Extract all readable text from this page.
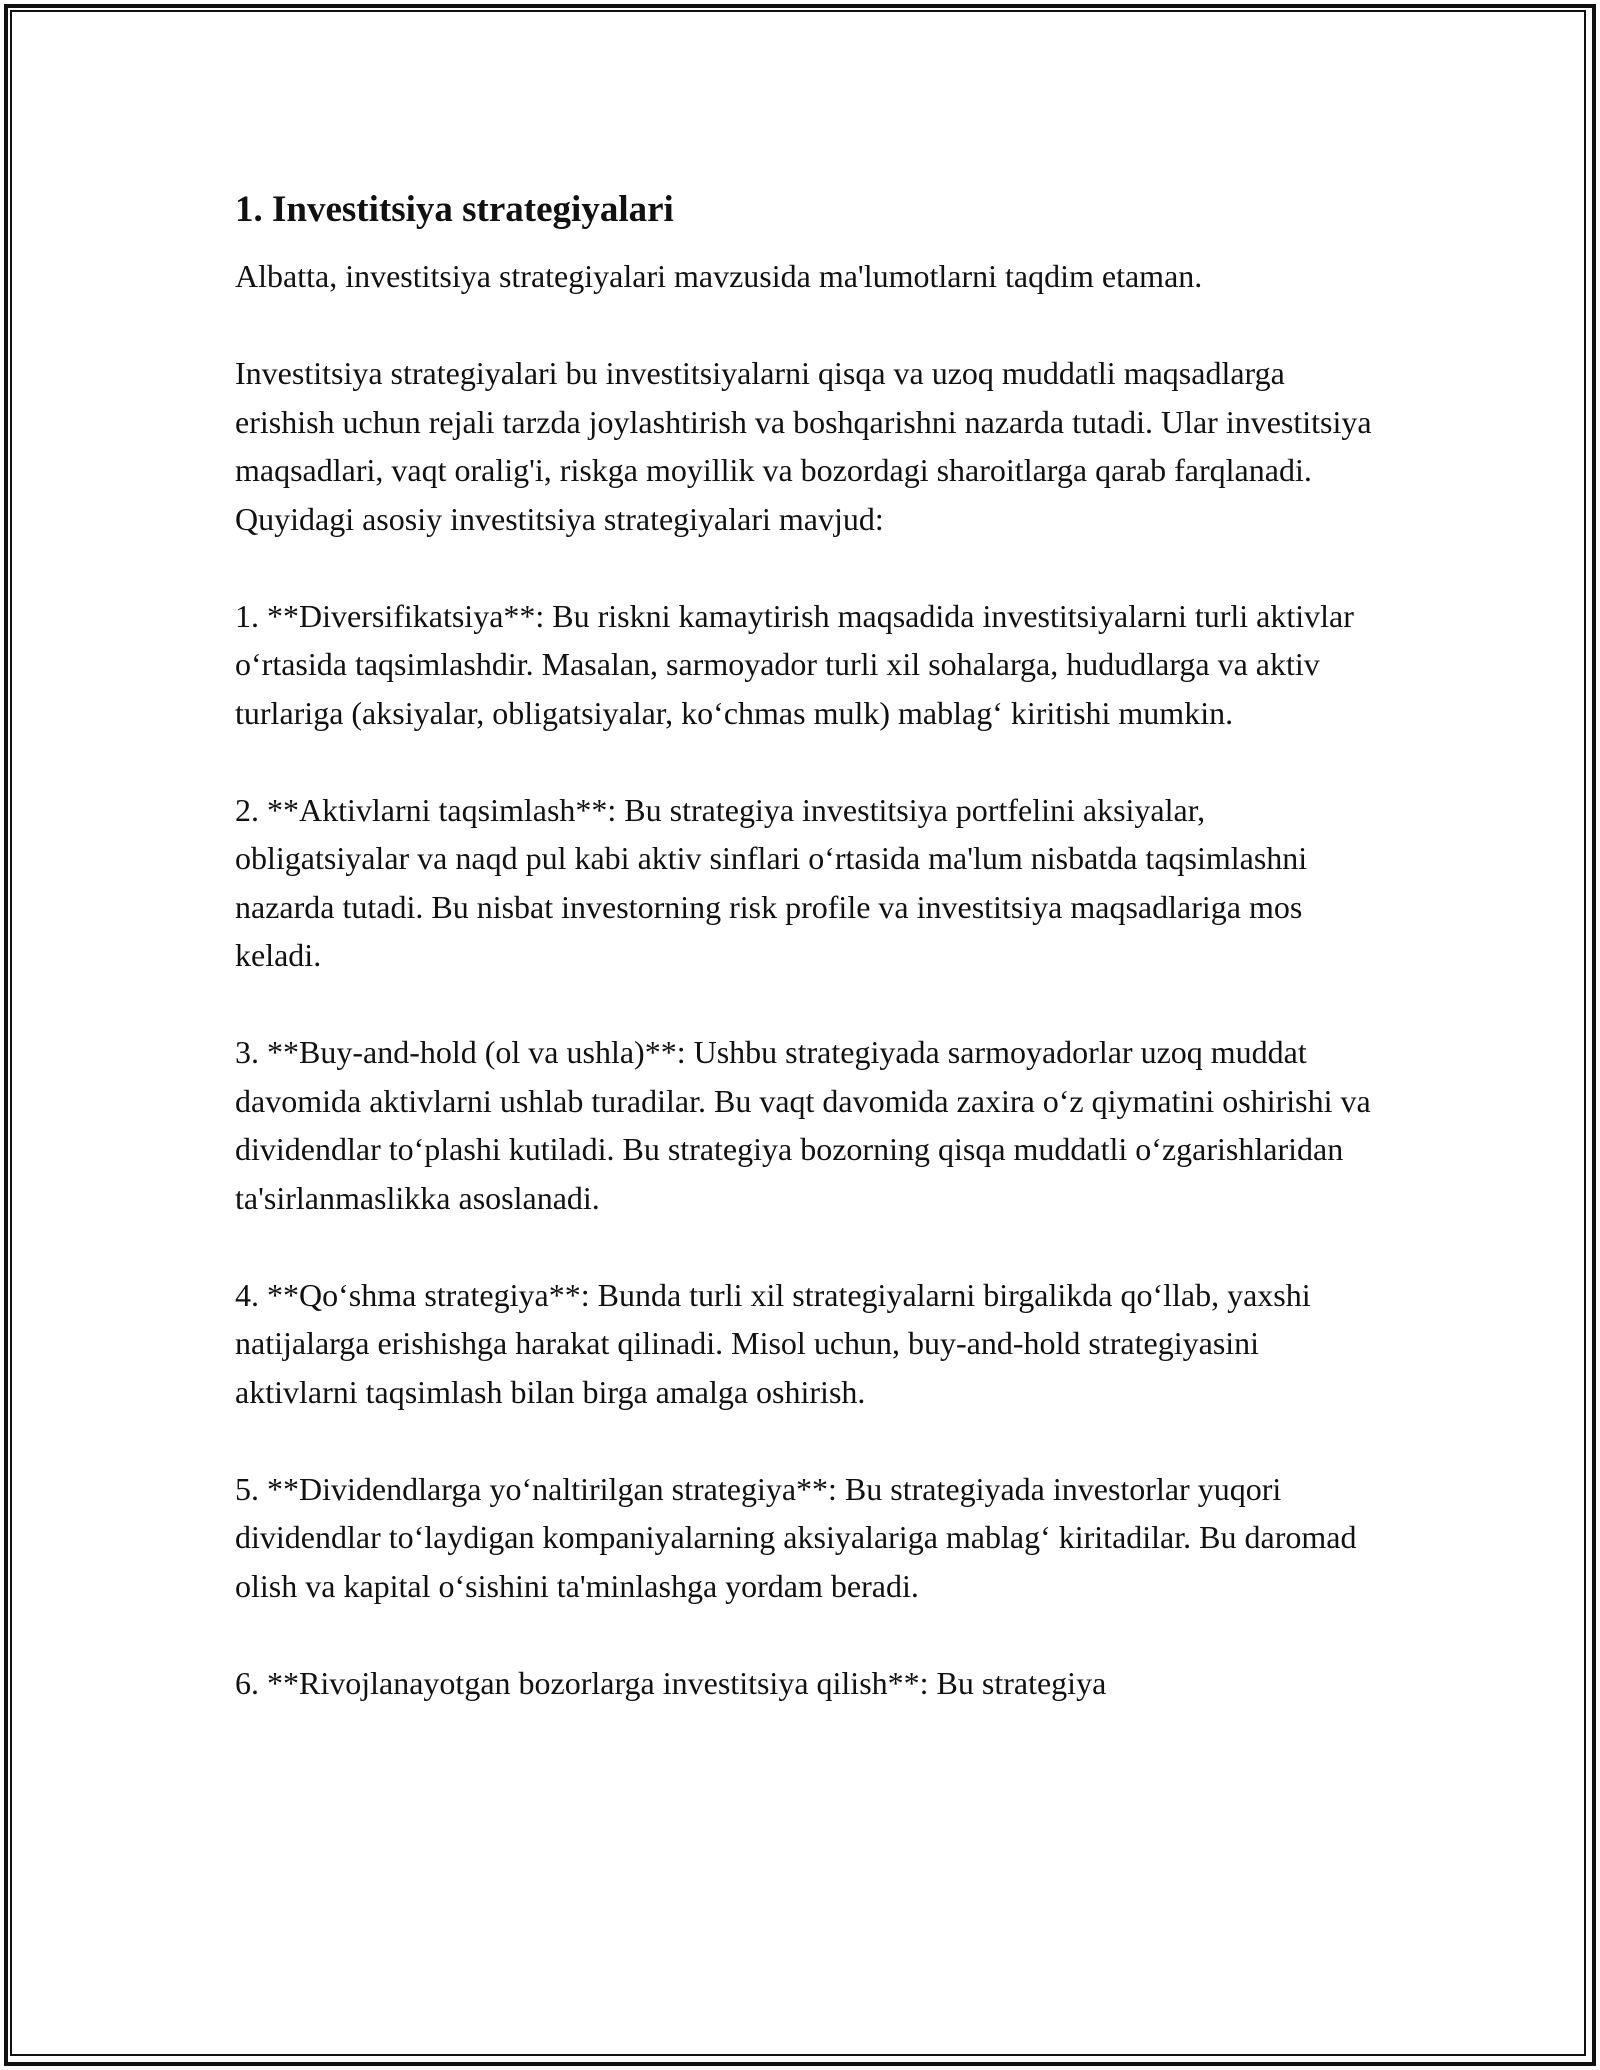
1. Investitsiya strategiyalari

Albatta, investitsiya strategiyalari mavzusida ma'lumotlarni taqdim etaman.

Investitsiya strategiyalari bu investitsiyalarni qisqa va uzoq muddatli maqsadlarga erishish uchun rejali tarzda joylashtirish va boshqarishni nazarda tutadi. Ular investitsiya maqsadlari, vaqt oralig'i, riskga moyillik va bozordagi sharoitlarga qarab farqlanadi. Quyidagi asosiy investitsiya strategiyalari mavjud:

1. **Diversifikatsiya**: Bu riskni kamaytirish maqsadida investitsiyalarni turli aktivlar o‘rtasida taqsimlashdir. Masalan, sarmoyador turli xil sohalarga, hududlarga va aktiv turlariga (aksiyalar, obligatsiyalar, ko‘chmas mulk) mablag‘ kiritishi mumkin.

2. **Aktivlarni taqsimlash**: Bu strategiya investitsiya portfelini aksiyalar, obligatsiyalar va naqd pul kabi aktiv sinflari o‘rtasida ma'lum nisbatda taqsimlashni nazarda tutadi. Bu nisbat investorning risk profile va investitsiya maqsadlariga mos keladi.

3. **Buy-and-hold (ol va ushla)**: Ushbu strategiyada sarmoyadorlar uzoq muddat davomida aktivlarni ushlab turadilar. Bu vaqt davomida zaxira o‘z qiymatini oshirishi va dividendlar to‘plashi kutiladi. Bu strategiya bozorning qisqa muddatli o‘zgarishlaridan ta'sirlanmaslikka asoslanadi.

4. **Qo‘shma strategiya**: Bunda turli xil strategiyalarni birgalikda qo‘llab, yaxshi natijalarga erishishga harakat qilinadi. Misol uchun, buy-and-hold strategiyasini aktivlarni taqsimlash bilan birga amalga oshirish.

5. **Dividendlarga yo‘naltirilgan strategiya**: Bu strategiyada investorlar yuqori dividendlar to‘laydigan kompaniyalarning aksiyalariga mablag‘ kiritadilar. Bu daromad olish va kapital o‘sishini ta'minlashga yordam beradi.

6. **Rivojlanayotgan bozorlarga investitsiya qilish**: Bu strategiya
